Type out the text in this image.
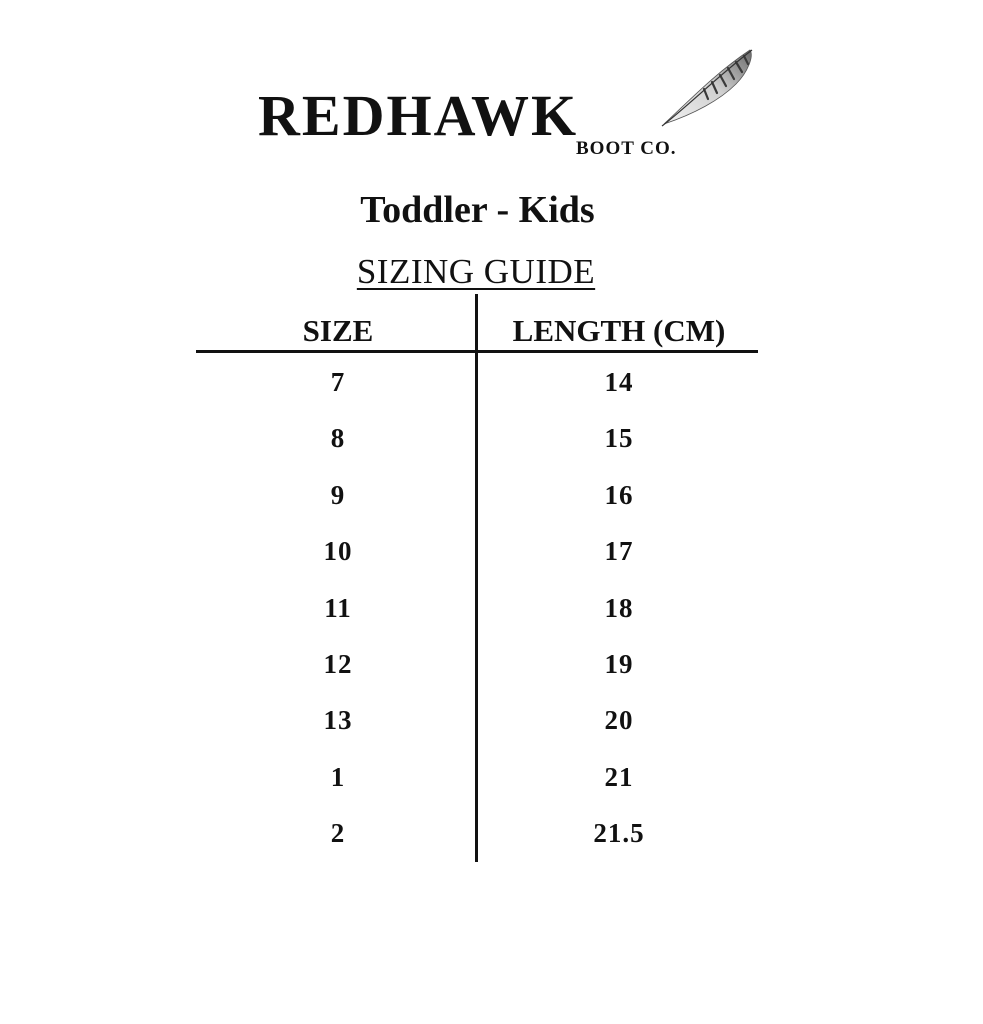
REDHAWK
BOOT CO.
Toddler - Kids
SIZING GUIDE
SIZE	LENGTH (CM)
7	14
8	15
9	16
10	17
11	18
12	19
13	20
1	21
2	21.5
